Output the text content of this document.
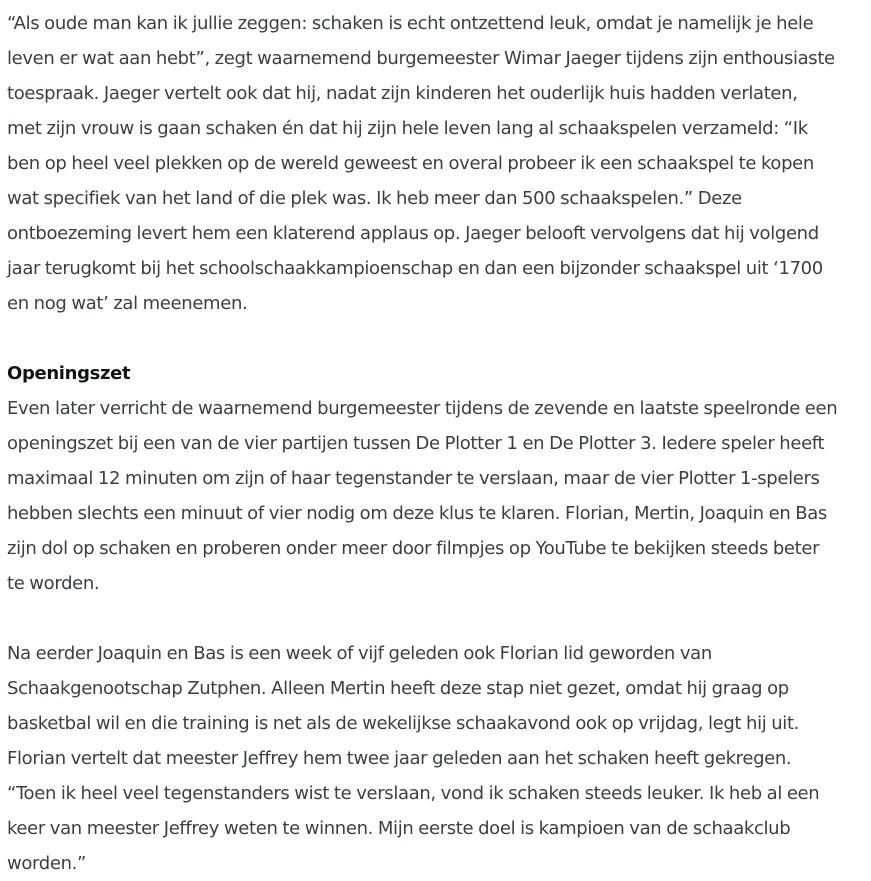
“Als oude man kan ik jullie zeggen: schaken is echt ontzettend leuk, omdat je namelijk je hele
leven er wat aan hebt”, zegt waarnemend burgemeester Wimar Jaeger tijdens zijn enthousiaste
toespraak. Jaeger vertelt ook dat hij, nadat zijn kinderen het ouderlijk huis hadden verlaten,
met zijn vrouw is gaan schaken én dat hij zijn hele leven lang al schaakspelen verzameld: “Ik
ben op heel veel plekken op de wereld geweest en overal probeer ik een schaakspel te kopen
wat specifiek van het land of die plek was. Ik heb meer dan 500 schaakspelen.” Deze
ontboezeming levert hem een klaterend applaus op. Jaeger belooft vervolgens dat hij volgend
jaar terugkomt bij het schoolschaakkampioenschap en dan een bijzonder schaakspel uit ‘1700
en nog wat’ zal meenemen.

Openingszet
Even later verricht de waarnemend burgemeester tijdens de zevende en laatste speelronde een
openingszet bij een van de vier partijen tussen De Plotter 1 en De Plotter 3. Iedere speler heeft
maximaal 12 minuten om zijn of haar tegenstander te verslaan, maar de vier Plotter 1-spelers
hebben slechts een minuut of vier nodig om deze klus te klaren. Florian, Mertin, Joaquin en Bas
zijn dol op schaken en proberen onder meer door filmpjes op YouTube te bekijken steeds beter
te worden.

Na eerder Joaquin en Bas is een week of vijf geleden ook Florian lid geworden van
Schaakgenootschap Zutphen. Alleen Mertin heeft deze stap niet gezet, omdat hij graag op
basketbal wil en die training is net als de wekelijkse schaakavond ook op vrijdag, legt hij uit.
Florian vertelt dat meester Jeffrey hem twee jaar geleden aan het schaken heeft gekregen.
“Toen ik heel veel tegenstanders wist te verslaan, vond ik schaken steeds leuker. Ik heb al een
keer van meester Jeffrey weten te winnen. Mijn eerste doel is kampioen van de schaakclub
worden.”
